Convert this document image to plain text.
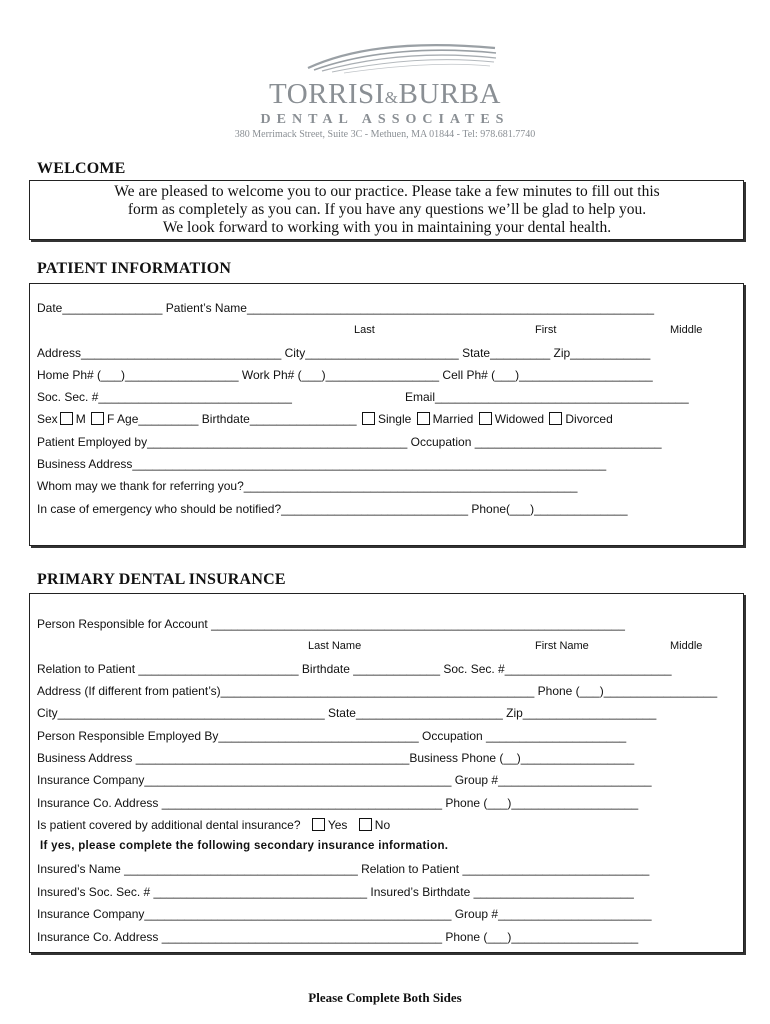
TORRISI&BURBA
DENTAL ASSOCIATES
380 Merrimack Street, Suite 3C - Methuen, MA 01844 - Tel: 978.681.7740
WELCOME
We are pleased to welcome you to our practice. Please take a few minutes to fill out this
form as completely as you can. If you have any questions we’ll be glad to help you.
We look forward to working with you in maintaining your dental health.
PATIENT INFORMATION
Date_______________ Patient’s Name_____________________________________________________________
Last	First	Middle
Address______________________________ City_______________________ State_________ Zip____________
Home Ph# (___)_________________ Work Ph# (___)_________________ Cell Ph# (___)____________________
Soc. Sec. #_____________________________	Email______________________________________
Sex M F Age_________ Birthdate________________ Single Married Widowed Divorced
Patient Employed by_______________________________________ Occupation ____________________________
Business Address_______________________________________________________________________
Whom may we thank for referring you?__________________________________________________
In case of emergency who should be notified?____________________________ Phone(___)______________
PRIMARY DENTAL INSURANCE
Person Responsible for Account ______________________________________________________________
Last Name	First Name	Middle
Relation to Patient ________________________ Birthdate _____________ Soc. Sec. #_________________________
Address (If different from patient’s)_______________________________________________ Phone (___)_________________
City________________________________________ State______________________ Zip____________________
Person Responsible Employed By______________________________ Occupation _____________________
Business Address _________________________________________Business Phone (__)_________________
Insurance Company______________________________________________ Group #_______________________
Insurance Co. Address __________________________________________ Phone (___)___________________
Is patient covered by additional dental insurance? Yes No
If yes, please complete the following secondary insurance information.
Insured’s Name ___________________________________ Relation to Patient ____________________________
Insured’s Soc. Sec. # ________________________________ Insured’s Birthdate ________________________
Insurance Company______________________________________________ Group #_______________________
Insurance Co. Address __________________________________________ Phone (___)___________________
Please Complete Both Sides
